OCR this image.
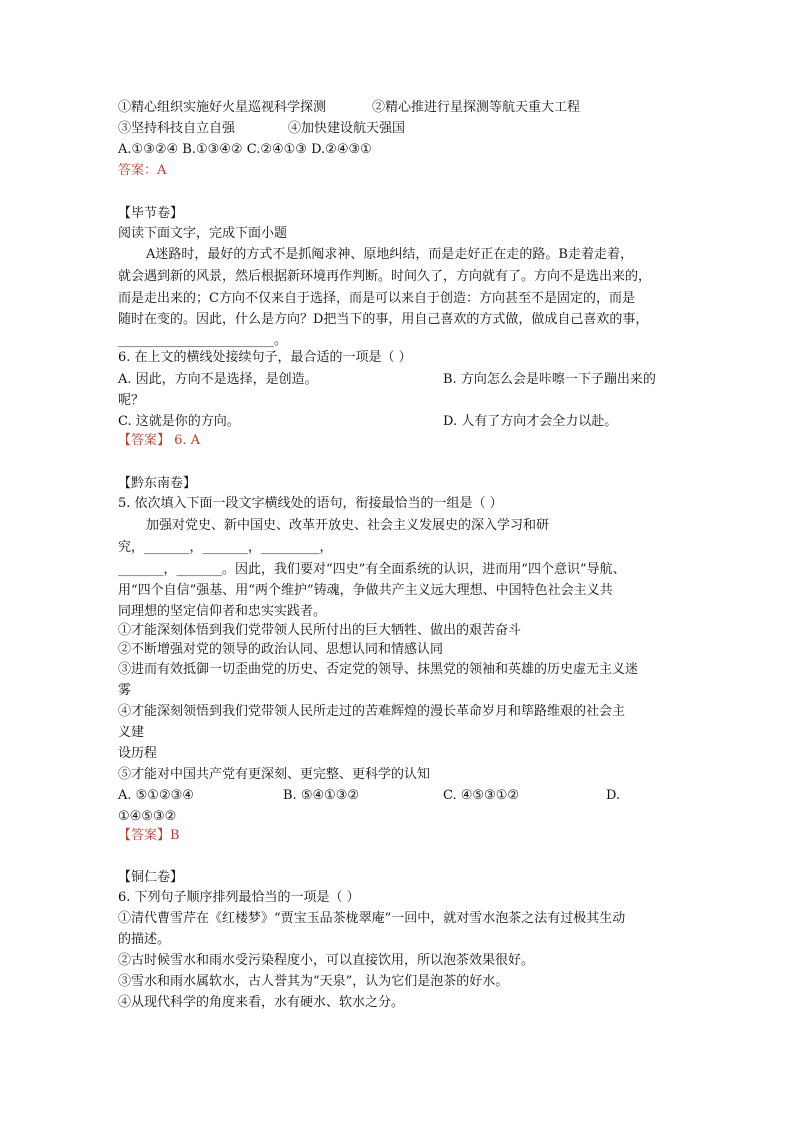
①精心组织实施好火星巡视科学探测	②精心推进行星探测等航天重大工程
③坚持科技自立自强	④加快建设航天强国
A.①③②④ B.①③④② C.②④①③ D.②④③①
答案：A
【毕节卷】
阅读下面文字，完成下面小题
A迷路时，最好的方式不是抓阄求神、原地纠结，而是走好正在走的路。B走着走着，
就会遇到新的风景，然后根据新环境再作判断。时间久了，方向就有了。方向不是选出来的，
而是走出来的；C方向不仅来自于选择，而是可以来自于创造：方向甚至不是固定的，而是
随时在变的。因此，什么是方向？D把当下的事，用自己喜欢的方式做，做成自己喜欢的事，
________________________。
6. 在上文的横线处接续句子，最合适的一项是（ ）
A. 因此，方向不是选择，是创造。	B. 方向怎么会是咔嚓一下子蹦出来的
呢？
C. 这就是你的方向。	D. 人有了方向才会全力以赴。
【答案】 6. A
【黔东南卷】
5. 依次填入下面一段文字横线处的语句，衔接最恰当的一组是（ ）
加强对党史、新中国史、改革开放史、社会主义发展史的深入学习和研
究，_______，_______，_________，
_______，_______。因此，我们要对“四史”有全面系统的认识，进而用“四个意识”导航、
用“四个自信”强基、用“两个维护”铸魂，争做共产主义远大理想、中国特色社会主义共
同理想的坚定信仰者和忠实实践者。
①才能深刻体悟到我们党带领人民所付出的巨大牺牲、做出的艰苦奋斗
②不断增强对党的领导的政治认同、思想认同和情感认同
③进而有效抵御一切歪曲党的历史、否定党的领导、抹黑党的领袖和英雄的历史虚无主义迷
雾
④才能深刻领悟到我们党带领人民所走过的苦难辉煌的漫长革命岁月和筚路维艰的社会主
义建
设历程
⑤才能对中国共产党有更深刻、更完整、更科学的认知
A. ⑤①②③④	B. ⑤④①③②	C. ④⑤③①②	D.
①④⑤③②
【答案】B
【铜仁卷】
6. 下列句子顺序排列最恰当的一项是（ ）
①清代曹雪芹在《红楼梦》“贾宝玉品茶栊翠庵”一回中，就对雪水泡茶之法有过极其生动
的描述。
②古时候雪水和雨水受污染程度小，可以直接饮用，所以泡茶效果很好。
③雪水和雨水属软水，古人誉其为“天泉”，认为它们是泡茶的好水。
④从现代科学的角度来看，水有硬水、软水之分。
